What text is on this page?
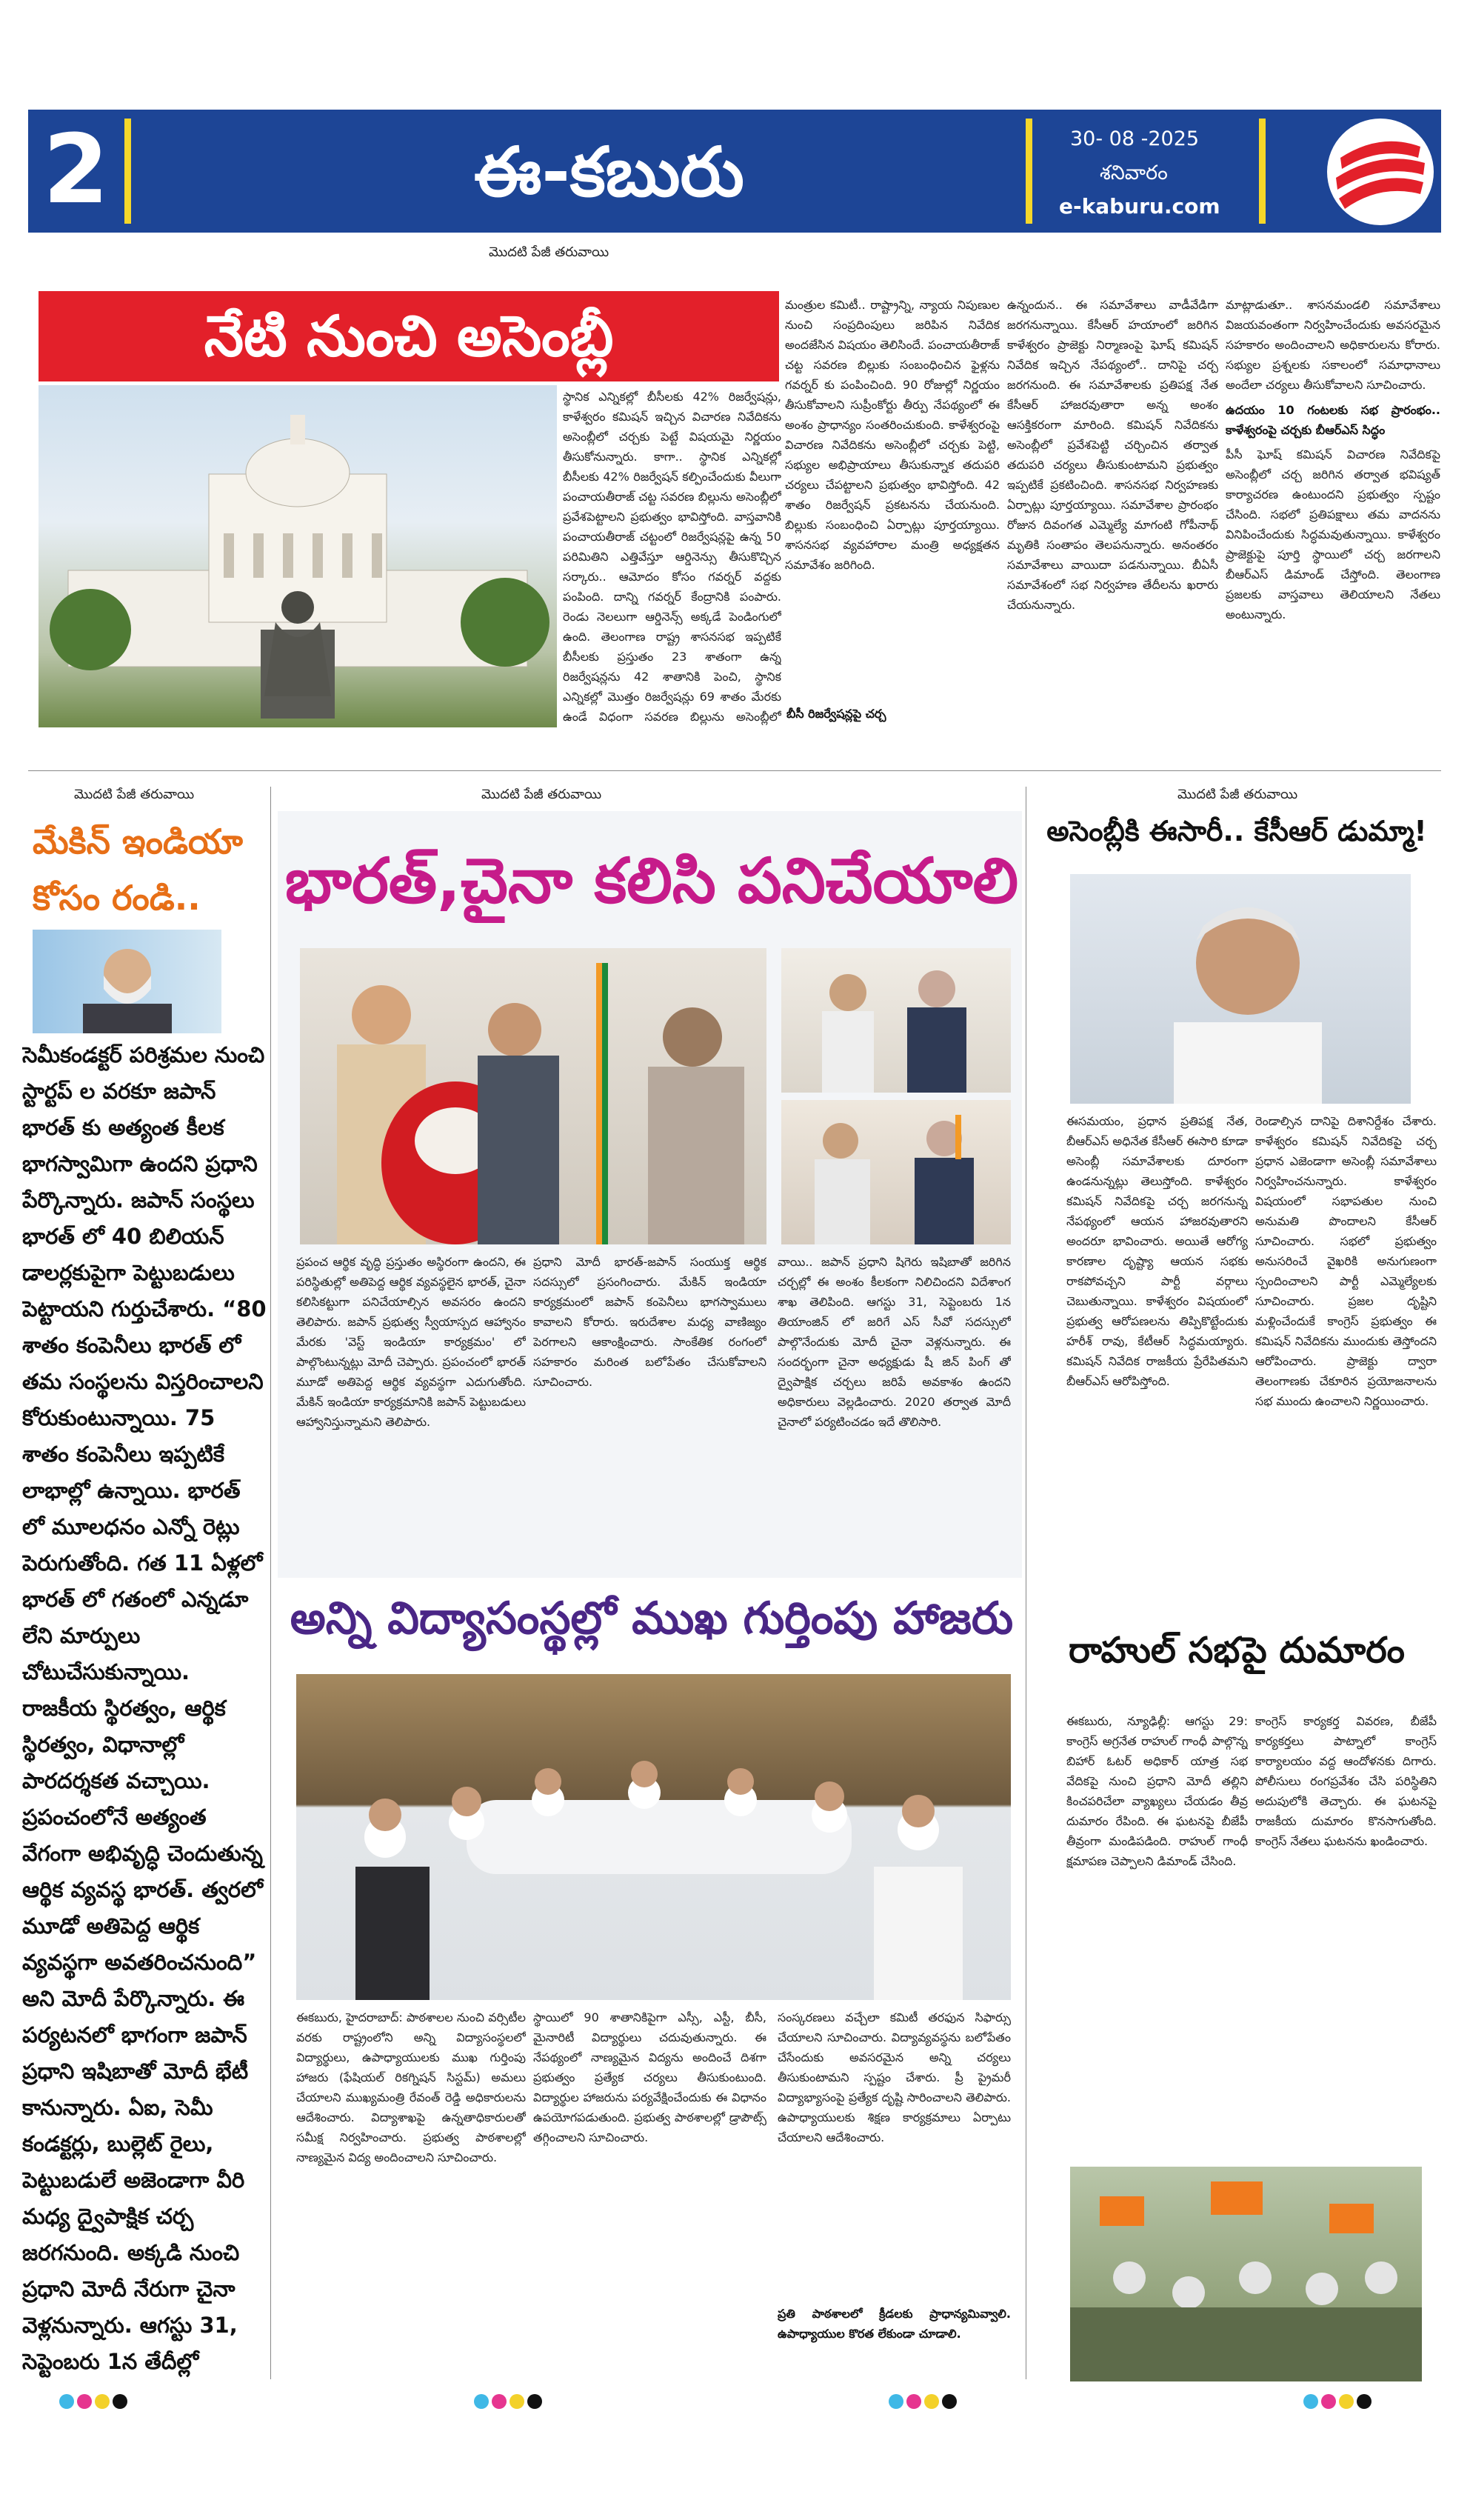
2	ఈ-కబురు	30- 08 -2025
శనివారం
e-kaburu.com
మొదటి పేజీ తరువాయి
నేటి నుంచి అసెంబ్లీ
స్థానిక ఎన్నికల్లో బీసీలకు 42% రిజర్వేషన్లు, కాళేశ్వరం కమిషన్ ఇచ్చిన విచారణ నివేదికను అసెంబ్లీలో చర్చకు పెట్టే విషయమై నిర్ణయం తీసుకోనున్నారు. కాగా.. స్థానిక ఎన్నికల్లో బీసీలకు 42% రిజర్వేషన్ కల్పించేందుకు వీలుగా పంచాయతీరాజ్ చట్ట సవరణ బిల్లును అసెంబ్లీలో ప్రవేశపెట్టాలని ప్రభుత్వం భావిస్తోంది. వాస్తవానికి పంచాయతీరాజ్ చట్టంలో రిజర్వేషన్లపై ఉన్న 50 పరిమితిని ఎత్తివేస్తూ ఆర్డినెన్సు తీసుకొచ్చిన సర్కారు.. ఆమోదం కోసం గవర్నర్ వద్దకు పంపింది. దాన్ని గవర్నర్ కేంద్రానికి పంపారు. రెండు నెలలుగా ఆర్డినెన్స్ అక్కడే పెండింగులో ఉంది. తెలంగాణ రాష్ట్ర శాసనసభ ఇప్పటికే బీసీలకు ప్రస్తుతం 23 శాతంగా ఉన్న రిజర్వేషన్లను 42 శాతానికి పెంచి, స్థానిక ఎన్నికల్లో మొత్తం రిజర్వేషన్లు 69 శాతం మేరకు ఉండే విధంగా సవరణ బిల్లును అసెంబ్లీలో
మంత్రుల కమిటీ.. రాష్ట్రాన్ని, న్యాయ నిపుణుల నుంచి సంప్రదింపులు జరిపిన నివేదిక అందజేసిన విషయం తెలిసిందే. పంచాయతీరాజ్ చట్ట సవరణ బిల్లుకు సంబంధించిన ఫైళ్లను గవర్నర్ కు పంపించింది. 90 రోజుల్లో నిర్ణయం తీసుకోవాలని సుప్రీంకోర్టు తీర్పు నేపథ్యంలో ఈ అంశం ప్రాధాన్యం సంతరించుకుంది. కాళేశ్వరంపై విచారణ నివేదికను అసెంబ్లీలో చర్చకు పెట్టి, సభ్యుల అభిప్రాయాలు తీసుకున్నాక తదుపరి చర్యలు చేపట్టాలని ప్రభుత్వం భావిస్తోంది. 42 శాతం రిజర్వేషన్ ప్రకటనను చేయనుంది. బిల్లుకు సంబంధించి ఏర్పాట్లు పూర్తయ్యాయి. శాసనసభ వ్యవహారాల మంత్రి అధ్యక్షతన సమావేశం జరిగింది.
బీసీ రిజర్వేషన్లపై చర్చ
ఉన్నందున.. ఈ సమావేశాలు వాడీవేడిగా జరగనున్నాయి. కేసీఆర్ హయాంలో జరిగిన కాళేశ్వరం ప్రాజెక్టు నిర్మాణంపై ఘోష్ కమిషన్ నివేదిక ఇచ్చిన నేపథ్యంలో.. దానిపై చర్చ జరగనుంది. ఈ సమావేశాలకు ప్రతిపక్ష నేత కేసీఆర్ హాజరవుతారా అన్న అంశం ఆసక్తికరంగా మారింది. కమిషన్ నివేదికను అసెంబ్లీలో ప్రవేశపెట్టి చర్చించిన తర్వాత తదుపరి చర్యలు తీసుకుంటామని ప్రభుత్వం ఇప్పటికే ప్రకటించింది. శాసనసభ నిర్వహణకు ఏర్పాట్లు పూర్తయ్యాయి. సమావేశాల ప్రారంభం రోజున దివంగత ఎమ్మెల్యే మాగంటి గోపీనాథ్ మృతికి సంతాపం తెలపనున్నారు. అనంతరం సమావేశాలు వాయిదా పడనున్నాయి. బీఏసీ సమావేశంలో సభ నిర్వహణ తేదీలను ఖరారు చేయనున్నారు.
మాట్లాడుతూ.. శాసనమండలి సమావేశాలు విజయవంతంగా నిర్వహించేందుకు అవసరమైన సహకారం అందించాలని అధికారులను కోరారు. సభ్యుల ప్రశ్నలకు సకాలంలో సమాధానాలు అందేలా చర్యలు తీసుకోవాలని సూచించారు.
ఉదయం 10 గంటలకు సభ ప్రారంభం.. కాళేశ్వరంపై చర్చకు బీఆర్ఎస్ సిద్ధం
పీసీ ఘోష్ కమిషన్ విచారణ నివేదికపై అసెంబ్లీలో చర్చ జరిగిన తర్వాత భవిష్యత్ కార్యాచరణ ఉంటుందని ప్రభుత్వం స్పష్టం చేసింది. సభలో ప్రతిపక్షాలు తమ వాదనను వినిపించేందుకు సిద్ధమవుతున్నాయి. కాళేశ్వరం ప్రాజెక్టుపై పూర్తి స్థాయిలో చర్చ జరగాలని బీఆర్ఎస్ డిమాండ్ చేస్తోంది. తెలంగాణ ప్రజలకు వాస్తవాలు తెలియాలని నేతలు అంటున్నారు.
మొదటి పేజీ తరువాయి
మేకిన్ ఇండియా కోసం రండి..
సెమీకండక్టర్ పరిశ్రమల నుంచి స్టార్టప్ ల వరకూ జపాన్ భారత్ కు అత్యంత కీలక భాగస్వామిగా ఉందని ప్రధాని పేర్కొన్నారు. జపాన్ సంస్థలు భారత్ లో 40 బిలియన్ డాలర్లకుపైగా పెట్టుబడులు పెట్టాయని గుర్తుచేశారు. “80 శాతం కంపెనీలు భారత్ లో తమ సంస్థలను విస్తరించాలని కోరుకుంటున్నాయి. 75 శాతం కంపెనీలు ఇప్పటికే లాభాల్లో ఉన్నాయి. భారత్ లో మూలధనం ఎన్నో రెట్లు పెరుగుతోంది. గత 11 ఏళ్లలో భారత్ లో గతంలో ఎన్నడూ లేని మార్పులు చోటుచేసుకున్నాయి. రాజకీయ స్థిరత్వం, ఆర్థిక స్థిరత్వం, విధానాల్లో పారదర్శకత వచ్చాయి. ప్రపంచంలోనే అత్యంత వేగంగా అభివృద్ధి చెందుతున్న ఆర్థిక వ్యవస్థ భారత్. త్వరలో మూడో అతిపెద్ద ఆర్థిక వ్యవస్థగా అవతరించనుంది” అని మోదీ పేర్కొన్నారు. ఈ పర్యటనలో భాగంగా జపాన్ ప్రధాని ఇషిబాతో మోదీ భేటీ కానున్నారు. ఏఐ, సెమీ కండక్టర్లు, బుల్లెట్ రైలు, పెట్టుబడులే అజెండాగా వీరి మధ్య ద్వైపాక్షిక చర్చ జరగనుంది. అక్కడి నుంచి ప్రధాని మోదీ నేరుగా చైనా వెళ్లనున్నారు. ఆగస్టు 31, సెప్టెంబరు 1న తేదీల్లో
మొదటి పేజీ తరువాయి
భారత్,చైనా కలిసి పనిచేయాలి
ప్రపంచ ఆర్థిక వృద్ధి ప్రస్తుతం అస్థిరంగా ఉందని, ఈ పరిస్థితుల్లో అతిపెద్ద ఆర్థిక వ్యవస్థలైన భారత్, చైనా కలిసికట్టుగా పనిచేయాల్సిన అవసరం ఉందని తెలిపారు. జపాన్ ప్రభుత్వ స్వీయాస్పద ఆహ్వానం మేరకు 'వెస్ట్ ఇండియా కార్యక్రమం' లో పాల్గొంటున్నట్లు మోదీ చెప్పారు. ప్రపంచంలో భారత్ మూడో అతిపెద్ద ఆర్థిక వ్యవస్థగా ఎదుగుతోంది. మేకిన్ ఇండియా కార్యక్రమానికి జపాన్ పెట్టుబడులు ఆహ్వానిస్తున్నామని తెలిపారు.
ప్రధాని మోదీ భారత్-జపాన్ సంయుక్త ఆర్థిక సదస్సులో ప్రసంగించారు. మేకిన్ ఇండియా కార్యక్రమంలో జపాన్ కంపెనీలు భాగస్వాములు కావాలని కోరారు. ఇరుదేశాల మధ్య వాణిజ్యం పెరగాలని ఆకాంక్షించారు. సాంకేతిక రంగంలో సహకారం మరింత బలోపేతం చేసుకోవాలని సూచించారు.
వాయి.. జపాన్ ప్రధాని షిగెరు ఇషిబాతో జరిగిన చర్చల్లో ఈ అంశం కీలకంగా నిలిచిందని విదేశాంగ శాఖ తెలిపింది. ఆగస్టు 31, సెప్టెంబరు 1న తియాంజిన్ లో జరిగే ఎస్ సీవో సదస్సులో పాల్గొనేందుకు మోదీ చైనా వెళ్లనున్నారు. ఈ సందర్భంగా చైనా అధ్యక్షుడు షీ జిన్ పింగ్ తో ద్వైపాక్షిక చర్చలు జరిపే అవకాశం ఉందని అధికారులు వెల్లడించారు. 2020 తర్వాత మోదీ చైనాలో పర్యటించడం ఇదే తొలిసారి.
అన్ని విద్యాసంస్థల్లో ముఖ గుర్తింపు హాజరు
ఈకబురు, హైదరాబాద్: పాఠశాలల నుంచి వర్సిటీల వరకు రాష్ట్రంలోని అన్ని విద్యాసంస్థలలో విద్యార్థులు, ఉపాధ్యాయులకు ముఖ గుర్తింపు హాజరు (ఫేషియల్ రికగ్నిషన్ సిస్టమ్) అమలు చేయాలని ముఖ్యమంత్రి రేవంత్ రెడ్డి అధికారులను ఆదేశించారు. విద్యాశాఖపై ఉన్నతాధికారులతో సమీక్ష నిర్వహించారు. ప్రభుత్వ పాఠశాలల్లో నాణ్యమైన విద్య అందించాలని సూచించారు.
స్థాయిలో 90 శాతానికిపైగా ఎస్సీ, ఎస్టీ, బీసీ, మైనారిటీ విద్యార్థులు చదువుతున్నారు. ఈ నేపథ్యంలో నాణ్యమైన విద్యను అందించే దిశగా ప్రభుత్వం ప్రత్యేక చర్యలు తీసుకుంటుంది. విద్యార్థుల హాజరును పర్యవేక్షించేందుకు ఈ విధానం ఉపయోగపడుతుంది. ప్రభుత్వ పాఠశాలల్లో డ్రాపౌట్స్ తగ్గించాలని సూచించారు.
సంస్కరణలు వచ్చేలా కమిటీ తరఫున సిఫార్సు చేయాలని సూచించారు. విద్యావ్యవస్థను బలోపేతం చేసేందుకు అవసరమైన అన్ని చర్యలు తీసుకుంటామని స్పష్టం చేశారు. ప్రీ ప్రైమరీ విద్యాభ్యాసంపై ప్రత్యేక దృష్టి సారించాలని తెలిపారు. ఉపాధ్యాయులకు శిక్షణ కార్యక్రమాలు ఏర్పాటు చేయాలని ఆదేశించారు.
ప్రతి పాఠశాలలో క్రీడలకు ప్రాధాన్యమివ్వాలి. ఉపాధ్యాయుల కొరత లేకుండా చూడాలి.
మొదటి పేజీ తరువాయి
అసెంబ్లీకి ఈసారీ.. కేసీఆర్ డుమ్మా!
ఈసమయం, ప్రధాన ప్రతిపక్ష నేత, బీఆర్ఎస్ అధినేత కేసీఆర్ ఈసారి కూడా అసెంబ్లీ సమావేశాలకు దూరంగా ఉండనున్నట్లు తెలుస్తోంది. కాళేశ్వరం కమిషన్ నివేదికపై చర్చ జరగనున్న నేపథ్యంలో ఆయన హాజరవుతారని అందరూ భావించారు. అయితే ఆరోగ్య కారణాల దృష్ట్యా ఆయన సభకు రాకపోవచ్చని పార్టీ వర్గాలు చెబుతున్నాయి. కాళేశ్వరం విషయంలో ప్రభుత్వ ఆరోపణలను తిప్పికొట్టేందుకు హరీశ్ రావు, కేటీఆర్ సిద్ధమయ్యారు. కమిషన్ నివేదిక రాజకీయ ప్రేరేపితమని బీఆర్ఎస్ ఆరోపిస్తోంది.
రెండాల్సిన దానిపై దిశానిర్దేశం చేశారు. కాళేశ్వరం కమిషన్ నివేదికపై చర్చ ప్రధాన ఎజెండాగా అసెంబ్లీ సమావేశాలు నిర్వహించనున్నారు. కాళేశ్వరం విషయంలో సభాపతుల నుంచి అనుమతి పొందాలని కేసీఆర్ సూచించారు. సభలో ప్రభుత్వం అనుసరించే వైఖరికి అనుగుణంగా స్పందించాలని పార్టీ ఎమ్మెల్యేలకు సూచించారు. ప్రజల దృష్టిని మళ్లించేందుకే కాంగ్రెస్ ప్రభుత్వం ఈ కమిషన్ నివేదికను ముందుకు తెస్తోందని ఆరోపించారు. ప్రాజెక్టు ద్వారా తెలంగాణకు చేకూరిన ప్రయోజనాలను సభ ముందు ఉంచాలని నిర్ణయించారు.
రాహుల్ సభపై దుమారం
ఈకబురు, న్యూఢిల్లీ: ఆగస్టు 29: కాంగ్రెస్ అగ్రనేత రాహుల్ గాంధీ పాల్గొన్న బిహార్ ఓటర్ అధికార్ యాత్ర సభ వేదికపై నుంచి ప్రధాని మోదీ తల్లిని కించపరిచేలా వ్యాఖ్యలు చేయడం తీవ్ర దుమారం రేపింది. ఈ ఘటనపై బీజేపీ తీవ్రంగా మండిపడింది. రాహుల్ గాంధీ క్షమాపణ చెప్పాలని డిమాండ్ చేసింది.
కాంగ్రెస్ కార్యకర్త వివరణ, బీజేపీ కార్యకర్తలు పాట్నాలో కాంగ్రెస్ కార్యాలయం వద్ద ఆందోళనకు దిగారు. పోలీసులు రంగప్రవేశం చేసి పరిస్థితిని అదుపులోకి తెచ్చారు. ఈ ఘటనపై రాజకీయ దుమారం కొనసాగుతోంది. కాంగ్రెస్ నేతలు ఘటనను ఖండించారు.
